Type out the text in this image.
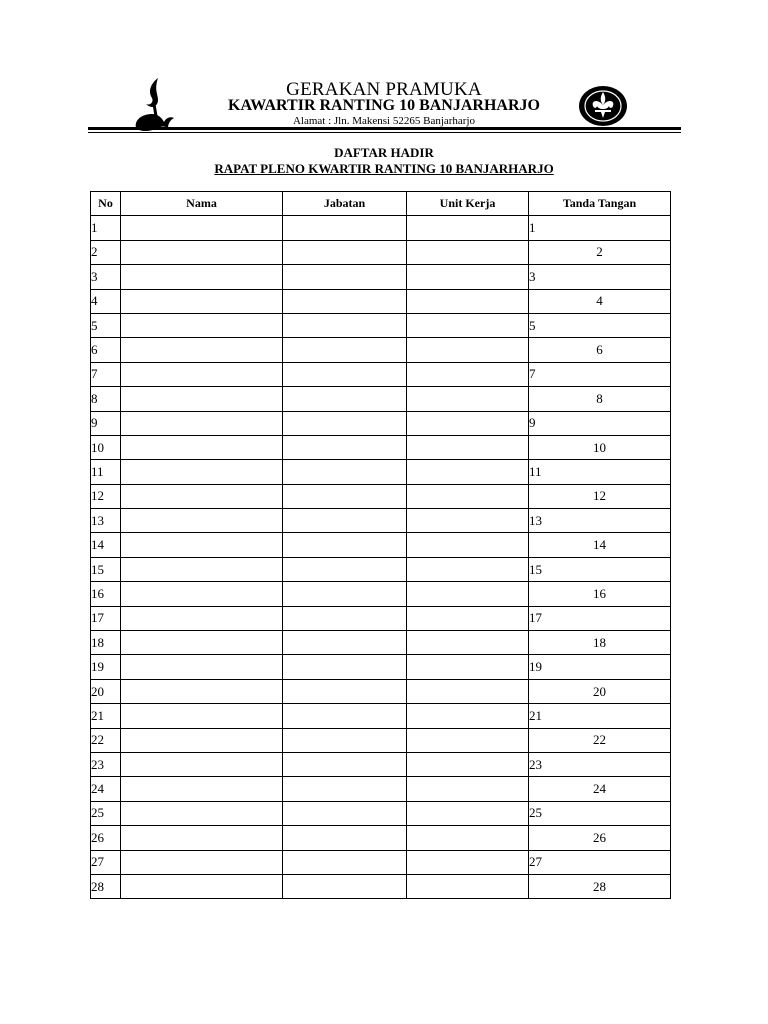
GERAKAN PRAMUKA
KAWARTIR RANTING 10 BANJARHARJO
Alamat : Jln. Makensi 52265 Banjarharjo
DAFTAR HADIR
RAPAT PLENO KWARTIR RANTING 10 BANJARHARJO
No	Nama	Jabatan	Unit Kerja	Tanda Tangan
1				1
2				2
3				3
4				4
5				5
6				6
7				7
8				8
9				9
10				10
11				11
12				12
13				13
14				14
15				15
16				16
17				17
18				18
19				19
20				20
21				21
22				22
23				23
24				24
25				25
26				26
27				27
28				28
